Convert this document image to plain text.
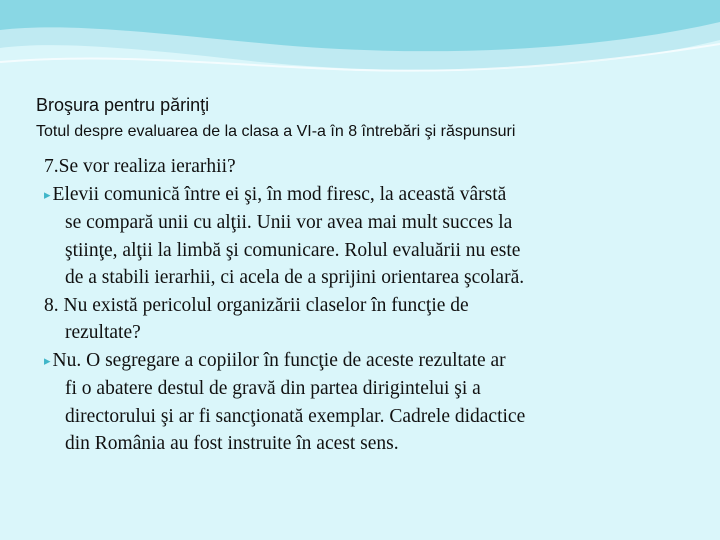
Broşura pentru părinţi
Totul despre evaluarea de la clasa a VI-a în 8 întrebări şi răspunsuri
7.Se vor realiza ierarhii?
▸ Elevii comunică între ei şi, în mod firesc, la această vârstă
se compară unii cu alţii. Unii vor avea mai mult succes la
ştiinţe, alţii la limbă şi comunicare. Rolul evaluării nu este
de a stabili ierarhii, ci acela de a sprijini orientarea şcolară.
8. Nu există pericolul organizării claselor în funcţie de
rezultate?
▸ Nu. O segregare a copiilor în funcţie de aceste rezultate ar
fi o abatere destul de gravă din partea dirigintelui şi a
directorului şi ar fi sancţionată exemplar. Cadrele didactice
din România au fost instruite în acest sens.
